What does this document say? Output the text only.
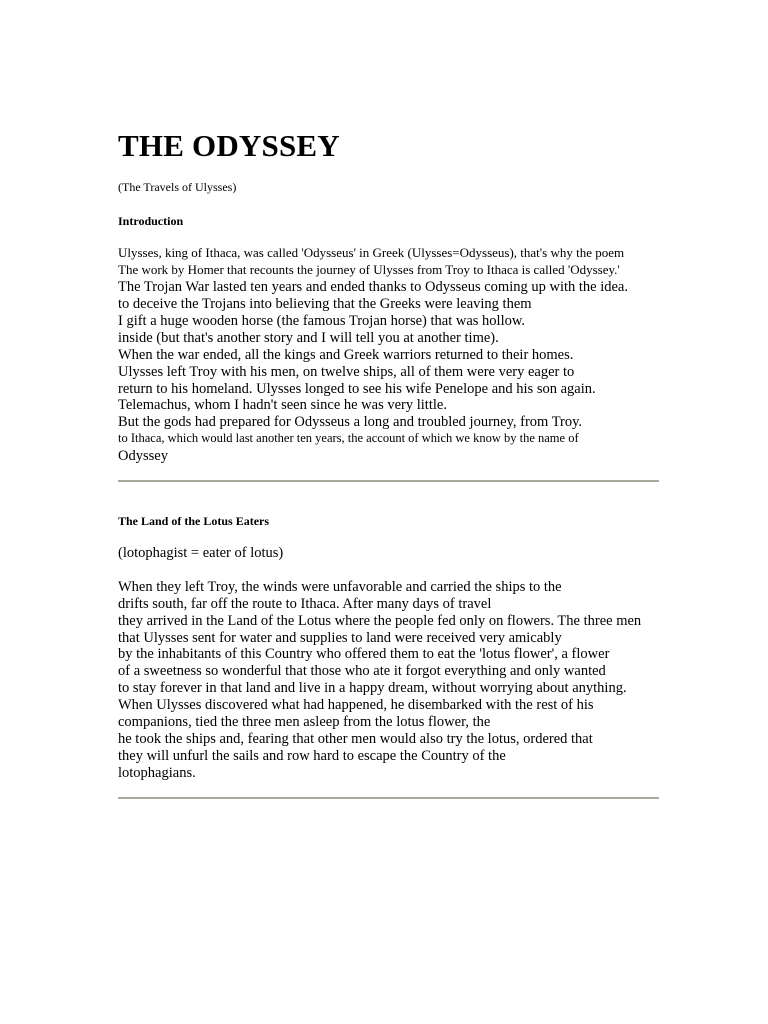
THE ODYSSEY
(The Travels of Ulysses)
Introduction
Ulysses, king of Ithaca, was called 'Odysseus' in Greek (Ulysses=Odysseus), that's why the poem
The work by Homer that recounts the journey of Ulysses from Troy to Ithaca is called 'Odyssey.'
The Trojan War lasted ten years and ended thanks to Odysseus coming up with the idea.
to deceive the Trojans into believing that the Greeks were leaving them
I gift a huge wooden horse (the famous Trojan horse) that was hollow.
inside (but that's another story and I will tell you at another time).
When the war ended, all the kings and Greek warriors returned to their homes.
Ulysses left Troy with his men, on twelve ships, all of them were very eager to
return to his homeland. Ulysses longed to see his wife Penelope and his son again.
Telemachus, whom I hadn't seen since he was very little.
But the gods had prepared for Odysseus a long and troubled journey, from Troy.
to Ithaca, which would last another ten years, the account of which we know by the name of
Odyssey
The Land of the Lotus Eaters
(lotophagist = eater of lotus)
When they left Troy, the winds were unfavorable and carried the ships to the
drifts south, far off the route to Ithaca. After many days of travel
they arrived in the Land of the Lotus where the people fed only on flowers. The three men
that Ulysses sent for water and supplies to land were received very amicably
by the inhabitants of this Country who offered them to eat the 'lotus flower', a flower
of a sweetness so wonderful that those who ate it forgot everything and only wanted
to stay forever in that land and live in a happy dream, without worrying about anything.
When Ulysses discovered what had happened, he disembarked with the rest of his
companions, tied the three men asleep from the lotus flower, the
he took the ships and, fearing that other men would also try the lotus, ordered that
they will unfurl the sails and row hard to escape the Country of the
lotophagians.
